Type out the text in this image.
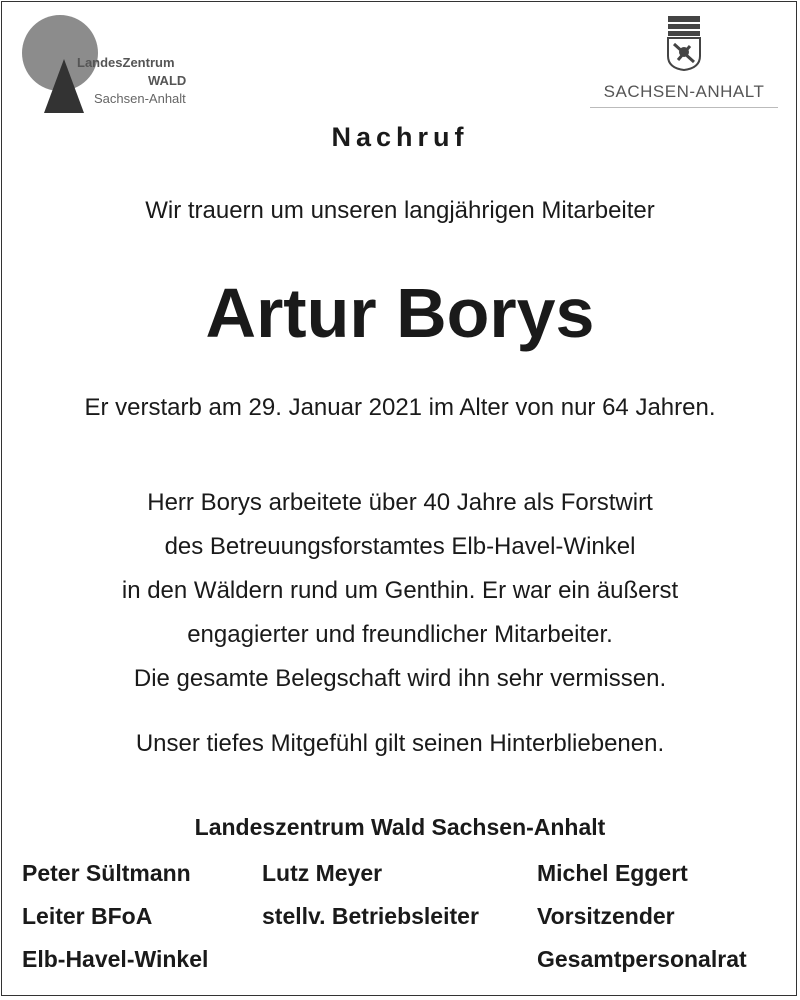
LandesZentrum
WALD
Sachsen-Anhalt	SACHSEN-ANHALT
Nachruf
Wir trauern um unseren langjährigen Mitarbeiter
Artur Borys
Er verstarb am 29. Januar 2021 im Alter von nur 64 Jahren.
Herr Borys arbeitete über 40 Jahre als Forstwirt
des Betreuungsforstamtes Elb-Havel-Winkel
in den Wäldern rund um Genthin. Er war ein äußerst
engagierter und freundlicher Mitarbeiter.
Die gesamte Belegschaft wird ihn sehr vermissen.
Unser tiefes Mitgefühl gilt seinen Hinterbliebenen.
Landeszentrum Wald Sachsen-Anhalt
Peter Sültmann
Leiter BFoA
Elb-Havel-Winkel
Lutz Meyer
stellv. Betriebsleiter
Michel Eggert
Vorsitzender
Gesamtpersonalrat
